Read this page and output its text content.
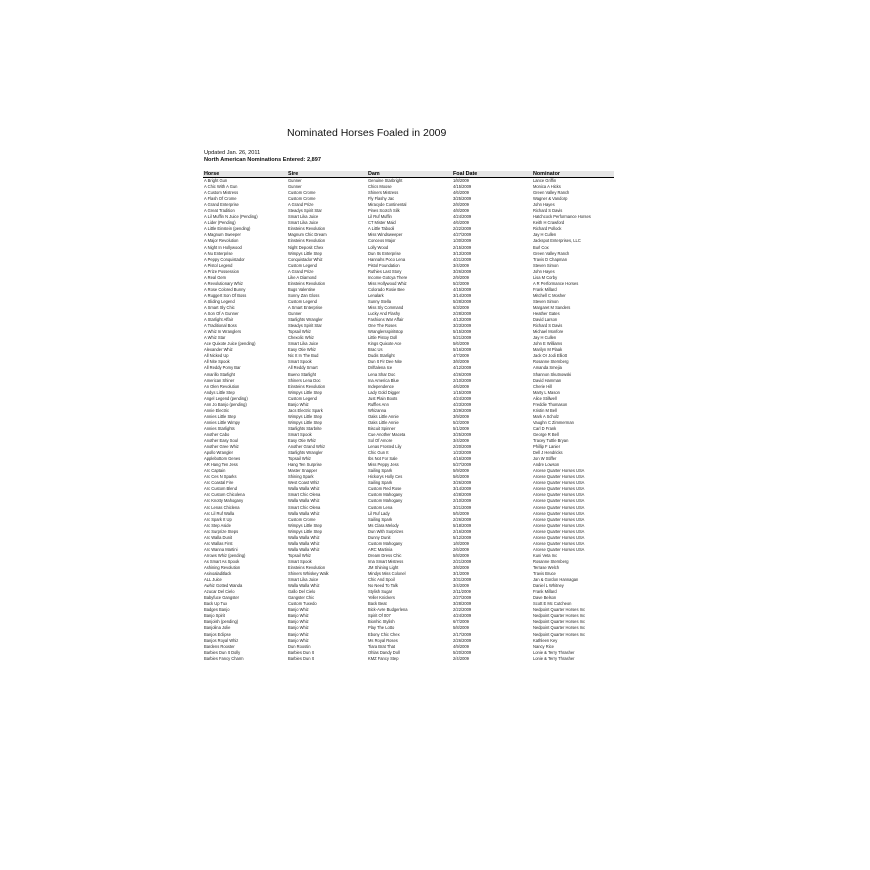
Nominated Horses Foaled in 2009
Updated Jan. 26, 2011
North American Nominations Entered: 2,897
Horse	Sire	Dam	Foal Date	Nominator
A Bright Gun	Gunner	Genuine Starbright	1/8/2009	Lance Griffin
A Chic With A Gun	Gunner	Chics Moose	4/15/2009	Monica A Hicks
A Custom Mistress	Custom Crome	Shiners Mistress	4/6/2009	Green Valley Ranch
A Flash Of Crome	Custom Crome	Fly Flashy Jac	3/25/2009	Wagner & Vandorp
A Grand Enterprise	A Grand Prize	Miracyde Continental	2/8/2009	John Hayes
A Great Tradition	Steadys Spirit Star	Pines Scotch Silk	4/8/2009	Richard S Davis
A Lil Muffin N Juice (Pending)	Smart Lika Juice	Lil Ruf Muffin	4/24/2009	Hatchcock Performance Horses
A Lider (Pending)	Smart Lika Juice	CT Mister Maid	4/6/2009	Keith H Crawford
A Little Einstein (pending)	Einsteins Revolution	A Little Tabooli	2/22/2009	Richard Pollock
A Magnum Sweeper	Magnum Chic Dream	Miss Windsweeper	4/27/2009	Jay H Cullen
A Major Revolution	Einsteins Revolution	Conceos Major	1/30/2009	Jackspot Enterprises, LLC
A Night In Hollywood	Night Deposit Chex	Lolly Wood	2/15/2009	Burl Cox
A Nu Enterprise	Wimpys Little Step	Dun Its Enterprise	3/13/2009	Green Valley Ranch
A Peppy Conquistador	Conquistador Whiz	Hannahs Poco Lena	4/21/2009	Travis D Chapman
A Pistol Legend	Custom Legend	Pistol Foundation	3/4/2009	Steven Simon
A Prize Possession	A Grand Prize	Ruthies Last Story	3/26/2009	John Hayes
A Real Gem	Like A Diamond	Income Gotcya There	2/9/2009	Lisa M Corby
A Revolutionary Whiz	Einsteins Revolution	Miss Hollywood Whiz	5/2/2009	A R Performance Horses
A Rose Colored Bunny	Bugs Valentine	Colorado Rosie Bee	4/15/2009	Frank Millard
A Ruggert Son Of Boss	Sonny Zan Gloss	Lenalark	3/14/2009	Mitchell C Mosher
A Sliding Legend	Custom Legend	Sunny Stella	5/28/2009	Steven Simon
A Smart Sly Chic	A Smart Enterprise	Miss Sly Command	6/3/2009	Margaret M Sanders
A Son Of A Gunner	Gunner	Lucky And Flashy	2/28/2009	Heather Gates
A Starlight Affair	Starlights Wrangler	Fashions War Affair	4/13/2009	David Larson
A Traditional Boss	Steadys Spirit Star	One The Roses	3/23/2009	Richard S Davis
A Whiz In Wranglers	Topsail Whiz	Wranglersspiritstop	5/15/2009	Michael Monfore
A Whiz Star	Chexolic Whiz	Little Pistoy Doll	5/21/2009	Jay H Cullen
Ace Quixote Juice (pending)	Smart Lika Juice	Kings Quixote Ace	5/6/2009	John E Williams
Alexander Whiz	Easy Otie Whiz	Brac Us	5/16/2009	Marilyn M Plaak
All Nicked Up	Nic It In The Bud	Dudis Starlight	4/7/2009	Jack Or Jodi Elliott
All Nite Spook	Smart Spook	Dun It Fir Dee Nite	3/8/2009	Rosanne Sternberg
All Reddy Pomy Bar	All Reddy Smart	Driftalena Ice	4/12/2009	Amanda Smejia
Amarillo Starlight	Bueno Starlight	Lena Shar Doc	4/26/2009	Shannon Skutnowski
American Shiner	Shiners Lena Doc	Ina America Blue	2/10/2009	David Hamman
An Olen Revolution	Einsteins Revolution	Independence	4/6/2009	Cherie Hill
Andys Little Step	Wimpys Little Step	Lady Gold Digger	1/15/2009	Marty L Mason
Angel Legend (pending)	Custom Legend	Just Plain Boots	4/24/2009	Alice Stillwell
Ann Jo Banjo (pending)	Banjo Whiz	Ruffles Ann	4/23/2009	Freddie Thomason
Annie Electric	Jacs Electric Spark	Whizanna	3/29/2009	Kristin M Bell
Annies Little Step	Wimpys Little Step	Oaks Little Annie	3/9/2009	Mark A Scholz
Annies Little Wimpy	Wimpys Little Step	Oaks Little Annie	5/2/2009	Vaughn C Zimmerman
Annies Starlights	Starlights Starbrite	Biscuit Spinner	5/1/2009	Carl D Frank
Another Cabo	Smart Spook	Cue Another Maceta	3/25/2009	George R Bell
Another Easy Soul	Easy Otie Whiz	Sol Of Amore	3/4/2009	Tracey Tuttle Bryan
Another Gree Whiz	Another Grand Whiz	Lenas Frosted Lily	2/20/2009	Phillip F Lanier
Apollo Wrangler	Starlights Wrangler	Chic Gun It	1/23/2009	Dell J Hendricks
Applebottom Genes	Topsail Whiz	Ibs Not For Sale	4/16/2009	Jon W Stiffer
AR Hang Ten Jess	Hang Ten Surprise	Miss Peppy Jess	5/27/2009	Andre Lowson
Arc Captain	Master Snapper	Sailing Spark	5/9/2009	Arcese Quarter Horses USA
Arc Ces N Sparks	Shining Spark	Hickorys Holly Ces	5/6/2009	Arcese Quarter Horses USA
Arc Coastal Fire	West Coast Whiz	Sailing Spark	3/26/2009	Arcese Quarter Horses USA
Arc Custom Blend	Walla Walla Whiz	Custom Red Rose	3/14/2009	Arcese Quarter Horses USA
Arc Custom Chicolena	Smart Chic Olena	Custom Mahogany	4/28/2009	Arcese Quarter Horses USA
Arc Knotty Mahogany	Walla Walla Whiz	Custom Mahogany	2/10/2009	Arcese Quarter Horses USA
Arc Lenas Chiclena	Smart Chic Olena	Custom Lena	3/21/2009	Arcese Quarter Horses USA
Arc Lil Ruf Walla	Walla Walla Whiz	Lil Ruf Lady	5/5/2009	Arcese Quarter Horses USA
Arc Spark It Up	Custom Crome	Sailing Spark	2/26/2009	Arcese Quarter Horses USA
Arc Step Aside	Wimpys Little Step	Ms Clara Melody	5/18/2009	Arcese Quarter Horses USA
Arc Surprize Steps	Wimpys Little Step	Dun With Surprizes	2/16/2009	Arcese Quarter Horses USA
Arc Walla Dunit	Walla Walla Whiz	Dunny Dunit	5/12/2009	Arcese Quarter Horses USA
Arc Wallas First	Walla Walla Whiz	Custom Mahogany	1/8/2009	Arcese Quarter Horses USA
Arc Wanna Martini	Walla Walla Whiz	ARC Martinia	2/6/2009	Arcese Quarter Horses USA
Arrows Whiz (pending)	Topsail Whiz	Dream Dress Chic	5/8/2009	Kuni Veta Inc
As Smart As Spook	Smart Spook	Ima Smart Mistress	2/21/2009	Rosanne Sternberg
Ashining Revolution	Einsteins Revolution	JM Shining Light	3/8/2009	Terrase Welch
Asinoaladitlack	Shiners Whiskey Walk	Mindys Miss Colonel	3/1/2009	Travis Bruce
ALL Juice	Smart Lika Juice	Chic And Spoil	3/31/2009	Jan & Gordon Hannagan
Awhiz Gotted Wanda	Walla Walla Whiz	No Need To Talk	3/4/2009	Daniel L Whitney
Azucar Del Cielo	Gallo Del Cielo	Stylish Sugar	2/11/2009	Frank Millard
Babyfuce Gangster	Gangster Chic	Yeller Knickers	2/27/2009	Dave Belson
Back Up Tux	Custom Tuxedo	Back Beat	3/28/2009	Scott E Mc Cutcheon
Badges Banjo	Banjo Whiz	Bick-Avre Budgerlena	2/22/2009	Nedpoint Quarter Horses Inc
Banjo Spirit	Banjo Whiz	Spirit Of 007	4/24/2009	Nedpoint Quarter Horses Inc
Banjoish (pending)	Banjo Whiz	Bionhic Stylish	6/7/2009	Nedpoint Quarter Horses Inc
Banjolina Jolie	Banjo Whiz	Play The Lotto	5/8/2009	Nedpoint Quarter Horses Inc
Banjos Eclipse	Banjo Whiz	Ebony Chic Chex	2/17/2009	Nedpoint Quarter Horses Inc
Banjos Royal Whiz	Banjo Whiz	Ms Royal Roses	2/26/2009	Kathleen Key
Bardens Rooster	Dun Roostin	Tiara Brat That	4/9/2009	Nancy Rice
Barbies Dun It Dolly	Barbies Dun It	Ohlas Dandy Doll	5/20/2009	Lonie & Terry Thrasher
Barbies Fancy Charm	Barbies Dun It	KMZ Fancy Step	2/4/2009	Lonie & Terry Thrasher
